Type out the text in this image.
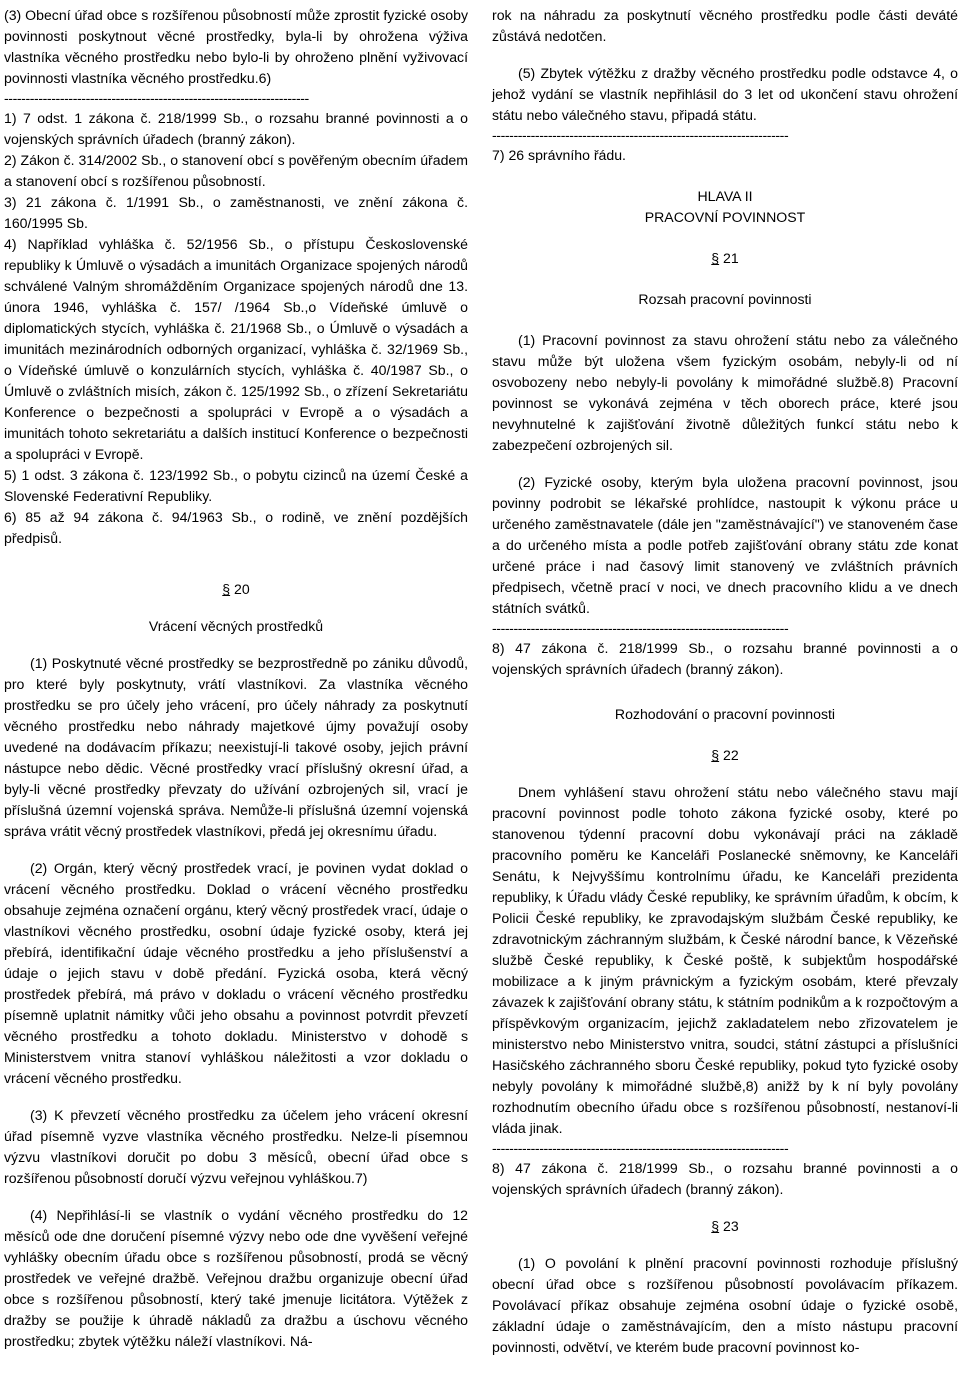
(3) Obecní úřad obce s rozšířenou působností může zprostit fyzické osoby povinnosti poskytnout věcné prostředky, byla-li by ohrožena výživa vlastníka věcného prostředku nebo bylo-li by ohroženo plnění vyživovací povinnosti vlastníka věcného prostředku.6)

-----------------------------------------------------------------------

1) 7 odst. 1 zákona č. 218/1999 Sb., o rozsahu branné povinnosti a o vojenských správních úřadech (branný zákon).

2) Zákon č. 314/2002 Sb., o stanovení obcí s pověřeným obecním úřadem a stanovení obcí s rozšířenou působností.

3) 21 zákona č. 1/1991 Sb., o zaměstnanosti, ve znění zákona č. 160/1995 Sb.

4) Například vyhláška č. 52/1956 Sb., o přístupu Československé republiky k Úmluvě o výsadách a imunitách Organizace spojených národů schválené Valným shromážděním Organizace spojených národů dne 13. února 1946, vyhláška č. 157/ /1964 Sb.,o Vídeňské úmluvě o diplomatických stycích, vyhláška č. 21/1968 Sb., o Úmluvě o výsadách a imunitách mezinárodních odborných organizací, vyhláška č. 32/1969 Sb., o Vídeňské úmluvě o konzulárních stycích, vyhláška č. 40/1987 Sb., o Úmluvě o zvláštních misích, zákon č. 125/1992 Sb., o zřízení Sekretariátu Konference o bezpečnosti a spolupráci v Evropě a o výsadách a imunitách tohoto sekretariátu a dalších institucí Konference o bezpečnosti a spolupráci v Evropě.

5) 1 odst. 3 zákona č. 123/1992 Sb., o pobytu cizinců na území České a Slovenské Federativní Republiky.

6) 85 až 94 zákona č. 94/1963 Sb., o rodině, ve znění pozdějších předpisů.

§ 20
Vrácení věcných prostředků

(1) Poskytnuté věcné prostředky se bezprostředně po zániku důvodů, pro které byly poskytnuty, vrátí vlastníkovi. Za vlastníka věcného prostředku se pro účely jeho vrácení, pro účely náhrady za poskytnutí věcného prostředku nebo náhrady majetkové újmy považují osoby uvedené na dodávacím příkazu; neexistují-li takové osoby, jejich právní nástupce nebo dědic. Věcné prostředky vrací příslušný okresní úřad, a byly-li věcné prostředky převzaty do užívání ozbrojených sil, vrací je příslušná územní vojenská správa. Nemůže-li příslušná územní vojenská správa vrátit věcný prostředek vlastníkovi, předá jej okresnímu úřadu.

(2) Orgán, který věcný prostředek vrací, je povinen vydat doklad o vrácení věcného prostředku. Doklad o vrácení věcného prostředku obsahuje zejména označení orgánu, který věcný prostředek vrací, údaje o vlastníkovi věcného prostředku, osobní údaje fyzické osoby, která jej přebírá, identifikační údaje věcného prostředku a jeho příslušenství a údaje o jejich stavu v době předání. Fyzická osoba, která věcný prostředek přebírá, má právo v dokladu o vrácení věcného prostředku písemně uplatnit námitky vůči jeho obsahu a povinnost potvrdit převzetí věcného prostředku a tohoto dokladu. Ministerstvo v dohodě s Ministerstvem vnitra stanoví vyhláškou náležitosti a vzor dokladu o vrácení věcného prostředku.

(3) K převzetí věcného prostředku za účelem jeho vrácení okresní úřad písemně vyzve vlastníka věcného prostředku. Nelze-li písemnou výzvu vlastníkovi doručit po dobu 3 měsíců, obecní úřad obce s rozšířenou působností doručí výzvu veřejnou vyhláškou.7)

(4) Nepřihlásí-li se vlastník o vydání věcného prostředku do 12 měsíců ode dne doručení písemné výzvy nebo ode dne vyvěšení veřejné vyhlášky obecním úřadu obce s rozšířenou působností, prodá se věcný prostředek ve veřejné dražbě. Veřejnou dražbu organizuje obecní úřad obce s rozšířenou působností, který také jmenuje licitátora. Výtěžek z dražby se použije k úhradě nákladů za dražbu a úschovu věcného prostředku; zbytek výtěžku náleží vlastníkovi. Ná-

rok na náhradu za poskytnutí věcného prostředku podle části deváté zůstává nedotčen.

(5) Zbytek výtěžku z dražby věcného prostředku podle odstavce 4, o jehož vydání se vlastník nepřihlásil do 3 let od ukončení stavu ohrožení státu nebo válečného stavu, připadá státu.

---------------------------------------------------------------------

7) 26 správního řádu.

HLAVA II
PRACOVNÍ POVINNOST
§ 21
Rozsah pracovní povinnosti

(1) Pracovní povinnost za stavu ohrožení státu nebo za válečného stavu může být uložena všem fyzickým osobám, nebyly-li od ní osvobozeny nebo nebyly-li povolány k mimořádné službě.8) Pracovní povinnost se vykonává zejména v těch oborech práce, které jsou nevyhnutelné k zajišťování životně důležitých funkcí státu nebo k zabezpečení ozbrojených sil.

(2) Fyzické osoby, kterým byla uložena pracovní povinnost, jsou povinny podrobit se lékařské prohlídce, nastoupit k výkonu práce u určeného zaměstnavatele (dále jen "zaměstnávající") ve stanoveném čase a do určeného místa a podle potřeb zajišťování obrany státu zde konat určené práce i nad časový limit stanovený ve zvláštních právních předpisech, včetně prací v noci, ve dnech pracovního klidu a ve dnech státních svátků.

---------------------------------------------------------------------

8) 47 zákona č. 218/1999 Sb., o rozsahu branné povinnosti a o vojenských správních úřadech (branný zákon).

Rozhodování o pracovní povinnosti
§ 22

Dnem vyhlášení stavu ohrožení státu nebo válečného stavu mají pracovní povinnost podle tohoto zákona fyzické osoby, které po stanovenou týdenní pracovní dobu vykonávají práci na základě pracovního poměru ke Kanceláři Poslanecké sněmovny, ke Kanceláři Senátu, k Nejvyššímu kontrolnímu úřadu, ke Kanceláři prezidenta republiky, k Úřadu vlády České republiky, ke správním úřadům, k obcím, k Policii České republiky, ke zpravodajským službám České republiky, ke zdravotnickým záchranným službám, k České národní bance, k Vězeňské službě České republiky, k České poště, k subjektům hospodářské mobilizace a k jiným právnickým a fyzickým osobám, které převzaly závazek k zajišťování obrany státu, k státním podnikům a k rozpočtovým a příspěvkovým organizacím, jejichž zakladatelem nebo zřizovatelem je ministerstvo nebo Ministerstvo vnitra, soudci, státní zástupci a příslušníci Hasičského záchranného sboru České republiky, pokud tyto fyzické osoby nebyly povolány k mimořádné službě,8) anižž by k ní byly povolány rozhodnutím obecního úřadu obce s rozšířenou působností, nestanoví-li vláda jinak.

---------------------------------------------------------------------

8) 47 zákona č. 218/1999 Sb., o rozsahu branné povinnosti a o vojenských správních úřadech (branný zákon).

§ 23

(1) O povolání k plnění pracovní povinnosti rozhoduje příslušný obecní úřad obce s rozšířenou působností povolávacím příkazem. Povolávací příkaz obsahuje zejména osobní údaje o fyzické osobě, základní údaje o zaměstnávajícím, den a místo nástupu pracovní povinnosti, odvětví, ve kterém bude pracovní povinnost ko-
